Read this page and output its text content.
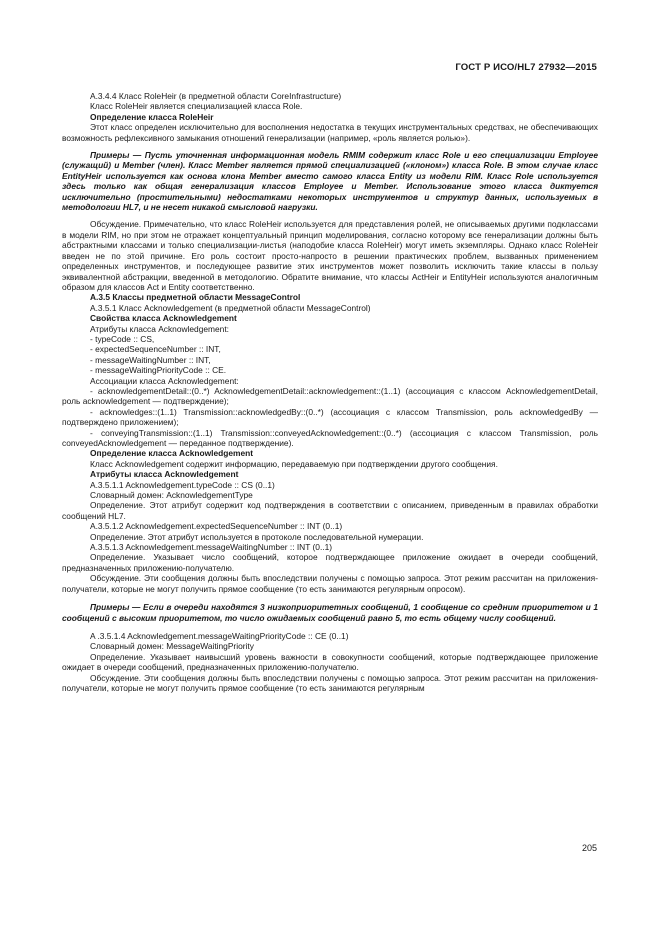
ГОСТ Р ИСО/HL7 27932—2015

A.3.4.4 Класс RoleHeir (в предметной области CoreInfrastructure)

Класс RoleHeir является специализацией класса Role.

Определение класса RoleHeir

Этот класс определен исключительно для восполнения недостатка в текущих инструментальных средствах, не обеспечивающих возможность рефлексивного замыкания отношений генерализации (например, «роль является ролью»).

Примеры — Пусть уточненная информационная модель RMIM содержит класс Role и его специализации Employee (служащий) и Member (член). Класс Member является прямой специализацией («клоном») класса Role. В этом случае класс EntityHeir используется как основа клона Member вместо самого класса Entity из модели RIM. Класс Role используется здесь только как общая генерализация классов Employee и Member. Использование этого класса диктуется исключительно (простительными) недостатками некоторых инструментов и структур данных, используемых в методологии HL7, и не несет никакой смысловой нагрузки.

Обсуждение. Примечательно, что класс RoleHeir используется для представления ролей, не описываемых другими подклассами в модели RIM, но при этом не отражает концептуальный принцип моделирования, согласно которому все генерализации должны быть абстрактными классами и только специализации-листья (наподобие класса RoleHeir) могут иметь экземпляры. Однако класс RoleHeir введен не по этой причине. Его роль состоит просто-напросто в решении практических проблем, вызванных применением определенных инструментов, и последующее развитие этих инструментов может позволить исключить такие классы в пользу эквивалентной абстракции, введенной в методологию. Обратите внимание, что классы ActHeir и EntityHeir используются аналогичным образом для классов Act и Entity соответственно.

A.3.5 Классы предметной области MessageControl

A.3.5.1 Класс Acknowledgement (в предметной области MessageControl)

Свойства класса Acknowledgement

Атрибуты класса Acknowledgement:

- typeCode :: CS,

- expectedSequenceNumber :: INT,

- messageWaitingNumber :: INT,

- messageWaitingPriorityCode :: CE.

Ассоциации класса Acknowledgement:

- acknowledgementDetail::(0..*) AcknowledgementDetail::acknowledgement::(1..1) (ассоциация с классом AcknowledgementDetail, роль acknowledgement — подтверждение);

- acknowledges::(1..1) Transmission::acknowledgedBy::(0..*) (ассоциация с классом Transmission, роль acknowledgedBy — подтверждено приложением);

- conveyingTransmission::(1..1) Transmission::conveyedAcknowledgement::(0..*) (ассоциация с классом Transmission, роль conveyedAcknowledgement — переданное подтверждение).

Определение класса Acknowledgement

Класс Acknowledgement содержит информацию, передаваемую при подтверждении другого сообщения.

Атрибуты класса Acknowledgement

A.3.5.1.1 Acknowledgement.typeCode :: CS (0..1)

Словарный домен: AcknowledgementType

Определение. Этот атрибут содержит код подтверждения в соответствии с описанием, приведенным в правилах обработки сообщений HL7.

A.3.5.1.2 Acknowledgement.expectedSequenceNumber :: INT (0..1)

Определение. Этот атрибут используется в протоколе последовательной нумерации.

A.3.5.1.3 Acknowledgement.messageWaitingNumber :: INT (0..1)

Определение. Указывает число сообщений, которое подтверждающее приложение ожидает в очереди сообщений, предназначенных приложению-получателю.

Обсуждение. Эти сообщения должны быть впоследствии получены с помощью запроса. Этот режим рассчитан на приложения-получатели, которые не могут получить прямое сообщение (то есть занимаются регулярным опросом).

Примеры — Если в очереди находятся 3 низкоприоритетных сообщений, 1 сообщение со средним приоритетом и 1 сообщений с высоким приоритетом, то число ожидаемых сообщений равно 5, то есть общему числу сообщений.

A .3.5.1.4 Acknowledgement.messageWaitingPriorityCode :: CE (0..1)

Словарный домен: MessageWaitingPriority

Определение. Указывает наивысший уровень важности в совокупности сообщений, которые подтверждающее приложение ожидает в очереди сообщений, предназначенных приложению-получателю.

Обсуждение. Эти сообщения должны быть впоследствии получены с помощью запроса. Этот режим рассчитан на приложения-получатели, которые не могут получить прямое сообщение (то есть занимаются регулярным

205
